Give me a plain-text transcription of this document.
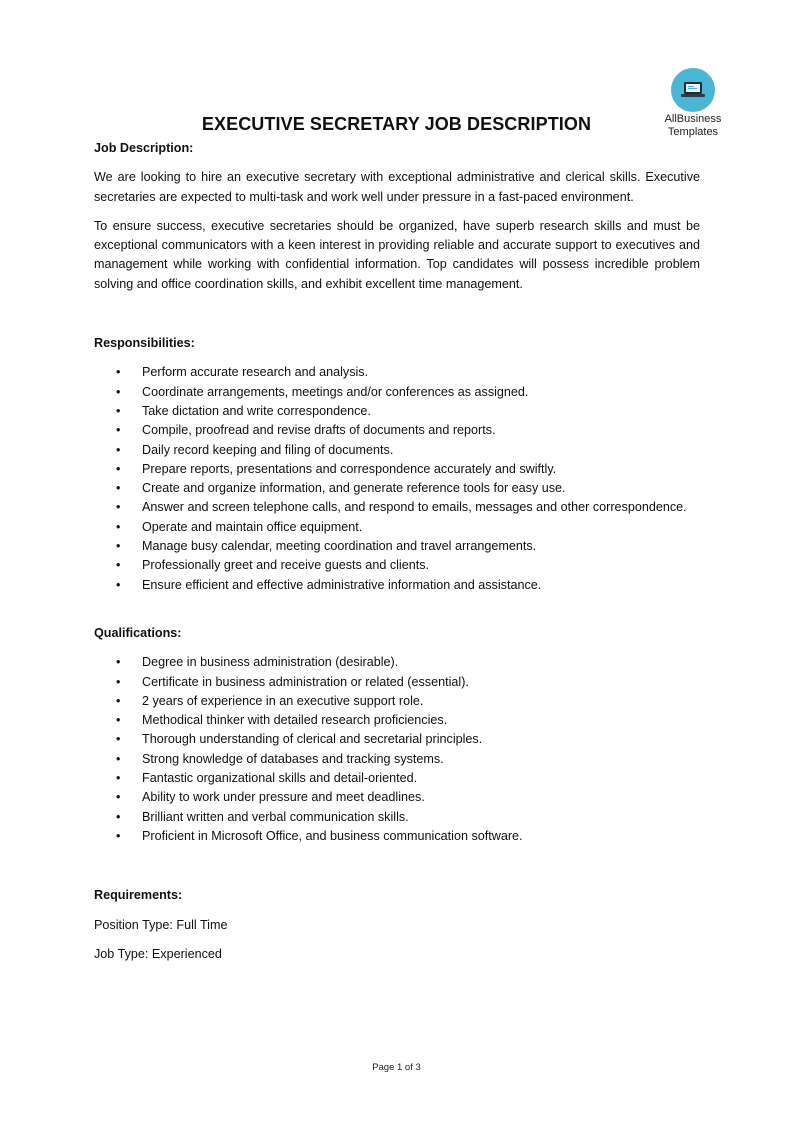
AllBusiness
Templates
EXECUTIVE SECRETARY JOB DESCRIPTION
Job Description:

We are looking to hire an executive secretary with exceptional administrative and clerical skills. Executive secretaries are expected to multi-task and work well under pressure in a fast-paced environment.

To ensure success, executive secretaries should be organized, have superb research skills and must be exceptional communicators with a keen interest in providing reliable and accurate support to executives and management while working with confidential information. Top candidates will possess incredible problem solving and office coordination skills, and exhibit excellent time management.

Responsibilities:
• Perform accurate research and analysis.
• Coordinate arrangements, meetings and/or conferences as assigned.
• Take dictation and write correspondence.
• Compile, proofread and revise drafts of documents and reports.
• Daily record keeping and filing of documents.
• Prepare reports, presentations and correspondence accurately and swiftly.
• Create and organize information, and generate reference tools for easy use.
• Answer and screen telephone calls, and respond to emails, messages and other correspondence.
• Operate and maintain office equipment.
• Manage busy calendar, meeting coordination and travel arrangements.
• Professionally greet and receive guests and clients.
• Ensure efficient and effective administrative information and assistance.
Qualifications:
• Degree in business administration (desirable).
• Certificate in business administration or related (essential).
• 2 years of experience in an executive support role.
• Methodical thinker with detailed research proficiencies.
• Thorough understanding of clerical and secretarial principles.
• Strong knowledge of databases and tracking systems.
• Fantastic organizational skills and detail-oriented.
• Ability to work under pressure and meet deadlines.
• Brilliant written and verbal communication skills.
• Proficient in Microsoft Office, and business communication software.
Requirements:

Position Type: Full Time

Job Type: Experienced

Page 1 of 3
